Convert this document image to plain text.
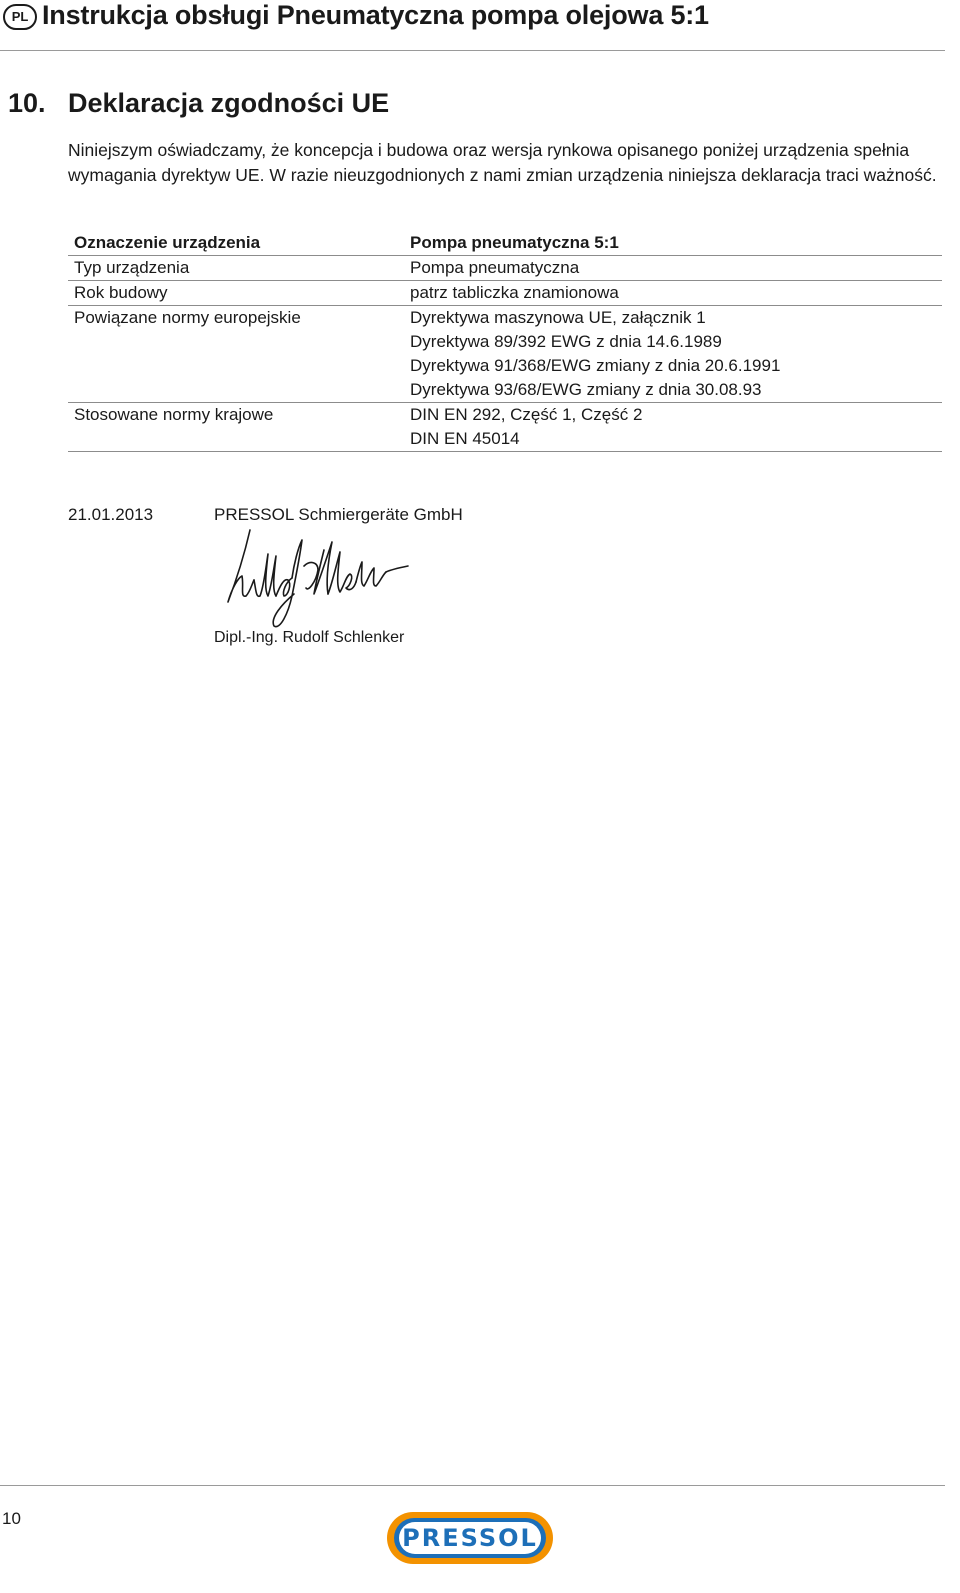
PL Instrukcja obsługi Pneumatyczna pompa olejowa 5:1
10. Deklaracja zgodności UE
Niniejszym oświadczamy, że koncepcja i budowa oraz wersja rynkowa opisanego poniżej urządzenia spełnia wymagania dyrektyw UE. W razie nieuzgodnionych z nami zmian urządzenia niniejsza deklaracja traci ważność.
Oznaczenie urządzenia	Pompa pneumatyczna 5:1
Typ urządzenia	Pompa pneumatyczna
Rok budowy	patrz tabliczka znamionowa
Powiązane normy europejskie	Dyrektywa maszynowa UE, załącznik 1
Dyrektywa 89/392 EWG z dnia 14.6.1989
Dyrektywa 91/368/EWG zmiany z dnia 20.6.1991
Dyrektywa 93/68/EWG zmiany z dnia 30.08.93
Stosowane normy krajowe	DIN EN 292, Część 1, Część 2
DIN EN 45014
21.01.2013	PRESSOL Schmiergeräte GmbH
Dipl.-Ing. Rudolf Schlenker
10
PRESSOL
